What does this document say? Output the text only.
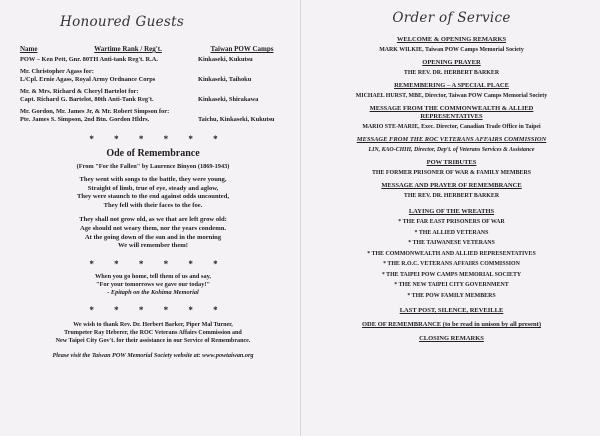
Honoured Guests
Name	Wartime Rank / Reg't.	Taiwan POW Camps
POW – Ken Pett, Gnr. 80TH Anti-tank Reg't. R.A.	Kinkaseki, Kukutsu
Mr. Christopher Agass for:
L/Cpl. Ernie Agass, Royal Army Ordnance Corps	Kinkaseki, Taihoku
Mr. & Mrs. Richard & Cheryl Bartelot for:
Capt. Richard G. Bartelot, 80th Anti-Tank Reg't.	Kinkaseki, Shirakawa
Mr. Gordon, Mr. James Jr, & Mr. Robert Simpson for:
Pte. James S. Simpson, 2nd Btn. Gordon Hldrs.	Taichu, Kinkaseki, Kukutsu
* * * * * *
Ode of Remembrance
(From "For the Fallen" by Laurence Binyon (1869-1943)
They went with songs to the battle, they were young,
Straight of limb, true of eye, steady and aglow,
They were staunch to the end against odds uncounted,
They fell with their faces to the foe.
They shall not grow old, as we that are left grow old:
Age should not weary them, nor the years condemn.
At the going down of the sun and in the morning
We will remember them!
* * * * * *
When you go home, tell them of us and say,
"For your tomorrows we gave our today!"
- Epitaph on the Kohima Memorial
* * * * * *
We wish to thank Rev. Dr. Herbert Barker, Piper Mal Turner,
Trumpeter Ray Heberer, the ROC Veterans Affairs Commission and
New Taipei City Gov't. for their assistance in our Service of Remembrance.
Please visit the Taiwan POW Memorial Society website at: www.powtaiwan.org
Order of Service
WELCOME & OPENING REMARKS
MARK WILKIE, Taiwan POW Camps Memorial Society
OPENING PRAYER
THE REV. DR. HERBERT BARKER
REMEMBERING – A SPECIAL PLACE
MICHAEL HURST, MBE, Director, Taiwan POW Camps Memorial Society
MESSAGE FROM THE COMMONWEALTH & ALLIED REPRESENTATIVES
MARIO STE-MARIE, Exec. Director, Canadian Trade Office in Taipei
MESSAGE FROM THE ROC VETERANS AFFAIRS COMMISSION
LIN, KAO-CHIH, Director, Dep't. of Veterans Services & Assistance
POW TRIBUTES
THE FORMER PRISONER OF WAR & FAMILY MEMBERS
MESSAGE AND PRAYER OF REMEMBRANCE
THE REV. DR. HERBERT BARKER
LAYING OF THE WREATHS
* THE FAR EAST PRISONERS OF WAR
* THE ALLIED VETERANS
* THE TAIWANESE VETERANS
* THE COMMONWEALTH AND ALLIED REPRESENTATIVES
* THE R.O.C. VETERANS AFFAIRS COMMISSION
* THE TAIPEI POW CAMPS MEMORIAL SOCIETY
* THE NEW TAIPEI CITY GOVERNMENT
* THE POW FAMILY MEMBERS
LAST POST, SILENCE, REVEILLE
ODE OF REMEMBRANCE (to be read in unison by all present)
CLOSING REMARKS
